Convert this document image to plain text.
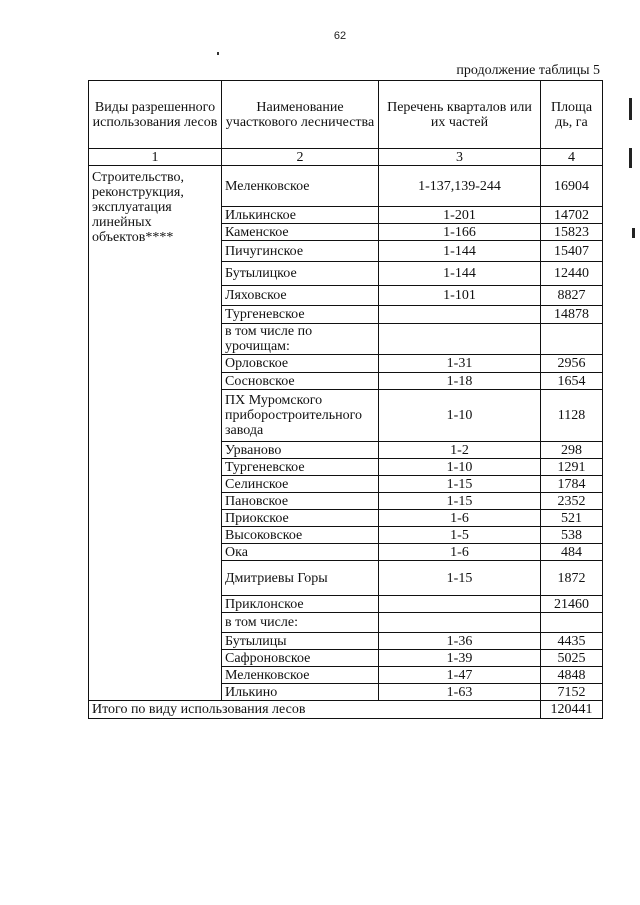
62
продолжение таблицы 5
Виды разрешенного использования лесов	Наименование участкового лесничества	Перечень кварталов или их частей	Площа дь, га
1	2	3	4
Строительство, реконструкция, эксплуатация линейных объектов****	Меленковское	1-137,139-244	16904
	Илькинское	1-201	14702
	Каменское	1-166	15823
	Пичугинское	1-144	15407
	Бутылицкое	1-144	12440
	Ляховское	1-101	8827
	Тургеневское		14878
	в том числе по урочищам:		
	Орловское	1-31	2956
	Сосновское	1-18	1654
	ПХ Муромского приборостроительного завода	1-10	1128
	Урваново	1-2	298
	Тургеневское	1-10	1291
	Селинское	1-15	1784
	Пановское	1-15	2352
	Приокское	1-6	521
	Высоковское	1-5	538
	Ока	1-6	484
	Дмитриевы Горы	1-15	1872
	Приклонское		21460
	в том числе:		
	Бутылицы	1-36	4435
	Сафроновское	1-39	5025
	Меленковское	1-47	4848
	Илькино	1-63	7152
Итого по виду использования лесов			120441
